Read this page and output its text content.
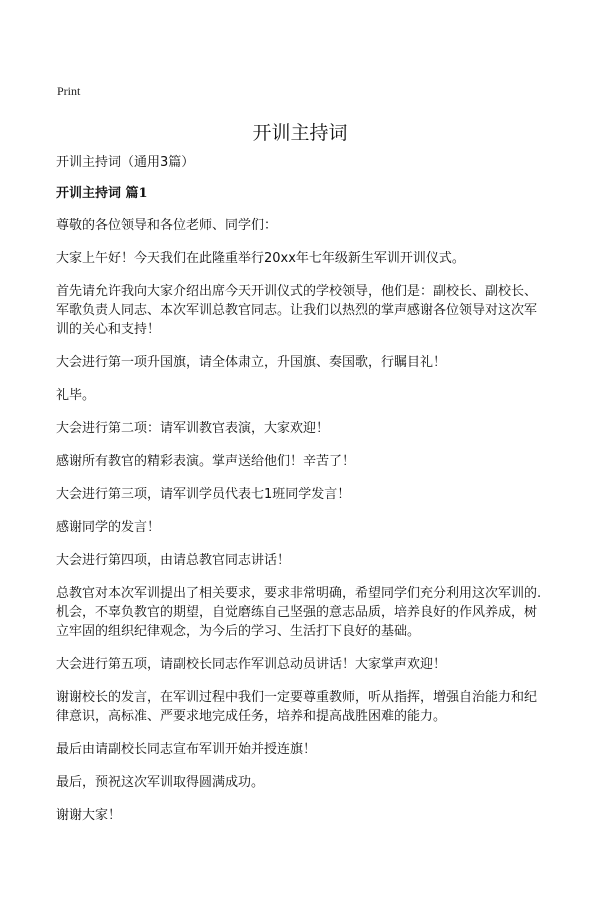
Print
开训主持词
开训主持词（通用3篇）
开训主持词 篇1

尊敬的各位领导和各位老师、同学们：

大家上午好！今天我们在此隆重举行20xx年七年级新生军训开训仪式。

首先请允许我向大家介绍出席今天开训仪式的学校领导，他们是：副校长、副校长、军歌负责人同志、本次军训总教官同志。让我们以热烈的掌声感谢各位领导对这次军训的关心和支持！

大会进行第一项升国旗，请全体肃立，升国旗、奏国歌，行瞩目礼！

礼毕。

大会进行第二项：请军训教官表演，大家欢迎！

感谢所有教官的精彩表演。掌声送给他们！辛苦了！

大会进行第三项，请军训学员代表七1班同学发言！

感谢同学的发言！

大会进行第四项，由请总教官同志讲话！

总教官对本次军训提出了相关要求，要求非常明确，希望同学们充分利用这次军训的.机会，不辜负教官的期望，自觉磨练自己坚强的意志品质，培养良好的作风养成，树立牢固的组织纪律观念，为今后的学习、生活打下良好的基础。

大会进行第五项，请副校长同志作军训总动员讲话！大家掌声欢迎！

谢谢校长的发言，在军训过程中我们一定要尊重教师，听从指挥，增强自治能力和纪律意识，高标准、严要求地完成任务，培养和提高战胜困难的能力。

最后由请副校长同志宣布军训开始并授连旗！

最后，预祝这次军训取得圆满成功。

谢谢大家！
